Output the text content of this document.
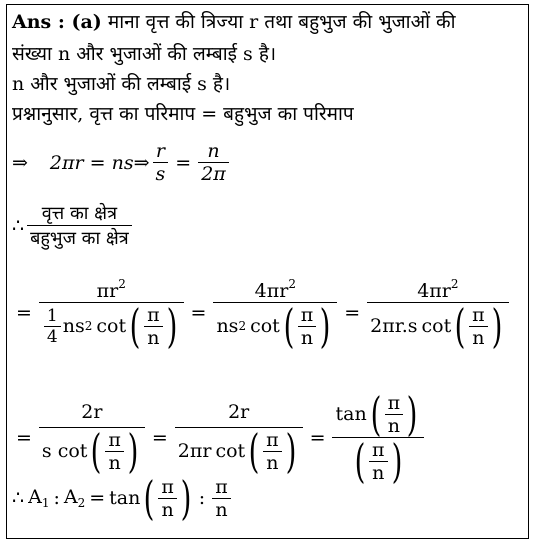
Ans : (a) माना वृत्त की त्रिज्या r तथा बहुभुज की भुजाओं की
संख्या n और भुजाओं की लम्बाई s है।
n और भुजाओं की लम्बाई s है।
प्रश्नानुसार, वृत्त का परिमाप = बहुभुज का परिमाप
⇒ 2πr = ns ⇒ $\frac{r}{s} = \frac{n}{2\pi}$
∴ $\frac{\text{वृत्त का क्षेत्र}}{\text{बहुभुज का क्षेत्र}}$
=
$\pi r^2$
$\frac{1}{4}$ ns 2 cot ( $\frac{\pi}{n}$ ) =
$4\pi r^2$
ns 2 cot ( $\frac{\pi}{n}$ ) =
$4\pi r^2$
2πr.s cot ( $\frac{\pi}{n}$ )
=
2r
s cot ( $\frac{\pi}{n}$ ) =
2r
2πr cot ( $\frac{\pi}{n}$ ) =
tan ( $\frac{\pi}{n}$ )
( $\frac{\pi}{n}$ )
∴ $A_1$ : $A_2 = \tan$ ( $\frac{\pi}{n}$ ) : $\frac{\pi}{n}$
